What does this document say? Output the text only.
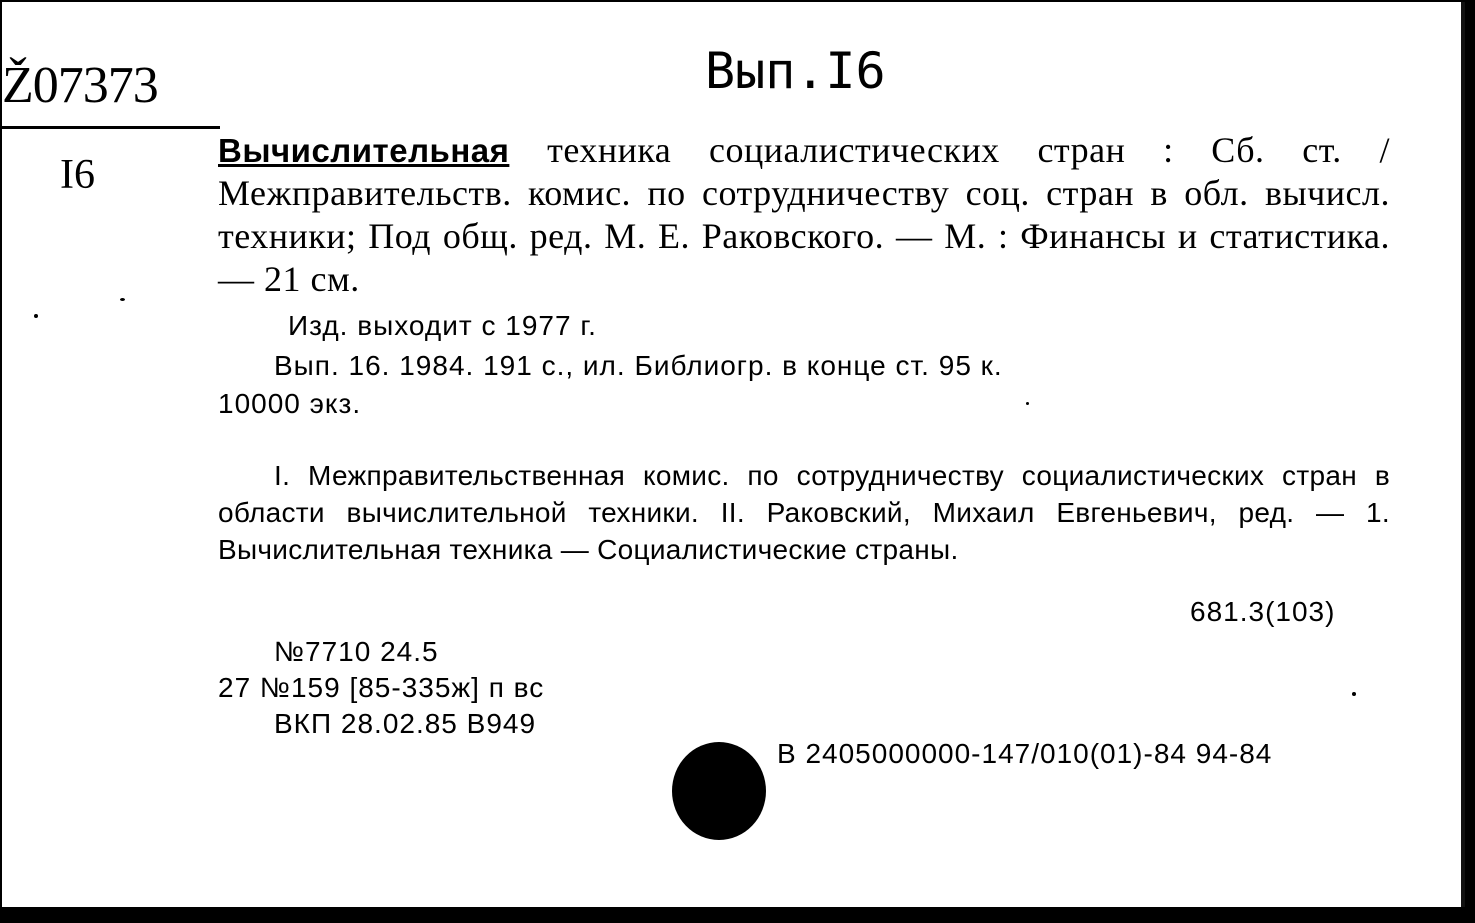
Ž07373
I6
Вып.I6
Вычислительная техника социалистических стран : Сб. ст. / Межправительств. комис. по сотрудничеству соц. стран в обл. вычисл. техники; Под общ. ред. М. Е. Раковского. — М. : Финансы и статистика. — 21 см.
Изд. выходит с 1977 г.
Вып. 16. 1984. 191 с., ил. Библиогр. в конце ст. 95 к.
10000 экз.
I. Межправительственная комис. по сотрудничеству социалистических стран в области вычислительной техники. II. Раковский, Михаил Евгеньевич, ред. — 1. Вычислительная техника — Социалистические страны.
681.3(103)
№7710 24.5
27 №159 [85-335ж] п вс
ВКП 28.02.85 В949
В 2405000000-147/010(01)-84 94-84
